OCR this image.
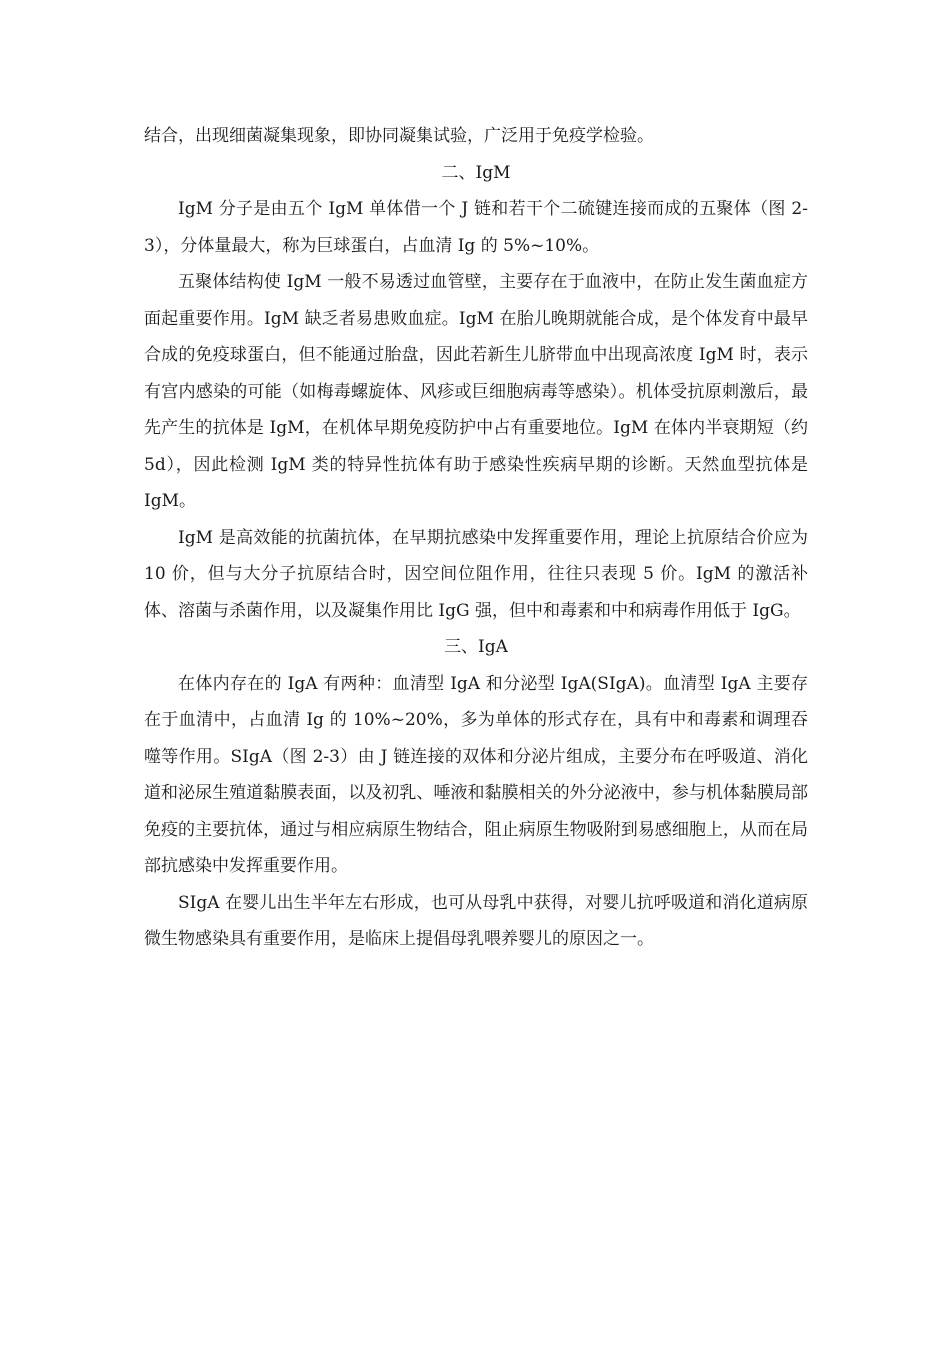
结合，出现细菌凝集现象，即协同凝集试验，广泛用于免疫学检验。

二、IgM

IgM 分子是由五个 IgM 单体借一个 J 链和若干个二硫键连接而成的五聚体（图 2-3），分体量最大，称为巨球蛋白，占血清 Ig 的 5%~10%。

五聚体结构使 IgM 一般不易透过血管壁，主要存在于血液中，在防止发生菌血症方面起重要作用。IgM 缺乏者易患败血症。IgM 在胎儿晚期就能合成，是个体发育中最早合成的免疫球蛋白，但不能通过胎盘，因此若新生儿脐带血中出现高浓度 IgM 时，表示有宫内感染的可能（如梅毒螺旋体、风疹或巨细胞病毒等感染）。机体受抗原刺激后，最先产生的抗体是 IgM，在机体早期免疫防护中占有重要地位。IgM 在体内半衰期短（约 5d），因此检测 IgM 类的特异性抗体有助于感染性疾病早期的诊断。天然血型抗体是 IgM。

IgM 是高效能的抗菌抗体，在早期抗感染中发挥重要作用，理论上抗原结合价应为 10 价，但与大分子抗原结合时，因空间位阻作用，往往只表现 5 价。IgM 的激活补体、溶菌与杀菌作用，以及凝集作用比 IgG 强，但中和毒素和中和病毒作用低于 IgG。

三、IgA

在体内存在的 IgA 有两种：血清型 IgA 和分泌型 IgA(SIgA)。血清型 IgA 主要存在于血清中，占血清 Ig 的 10%~20%，多为单体的形式存在，具有中和毒素和调理吞噬等作用。SIgA（图 2-3）由 J 链连接的双体和分泌片组成，主要分布在呼吸道、消化道和泌尿生殖道黏膜表面，以及初乳、唾液和黏膜相关的外分泌液中，参与机体黏膜局部免疫的主要抗体，通过与相应病原生物结合，阻止病原生物吸附到易感细胞上，从而在局部抗感染中发挥重要作用。

SIgA 在婴儿出生半年左右形成，也可从母乳中获得，对婴儿抗呼吸道和消化道病原微生物感染具有重要作用，是临床上提倡母乳喂养婴儿的原因之一。
